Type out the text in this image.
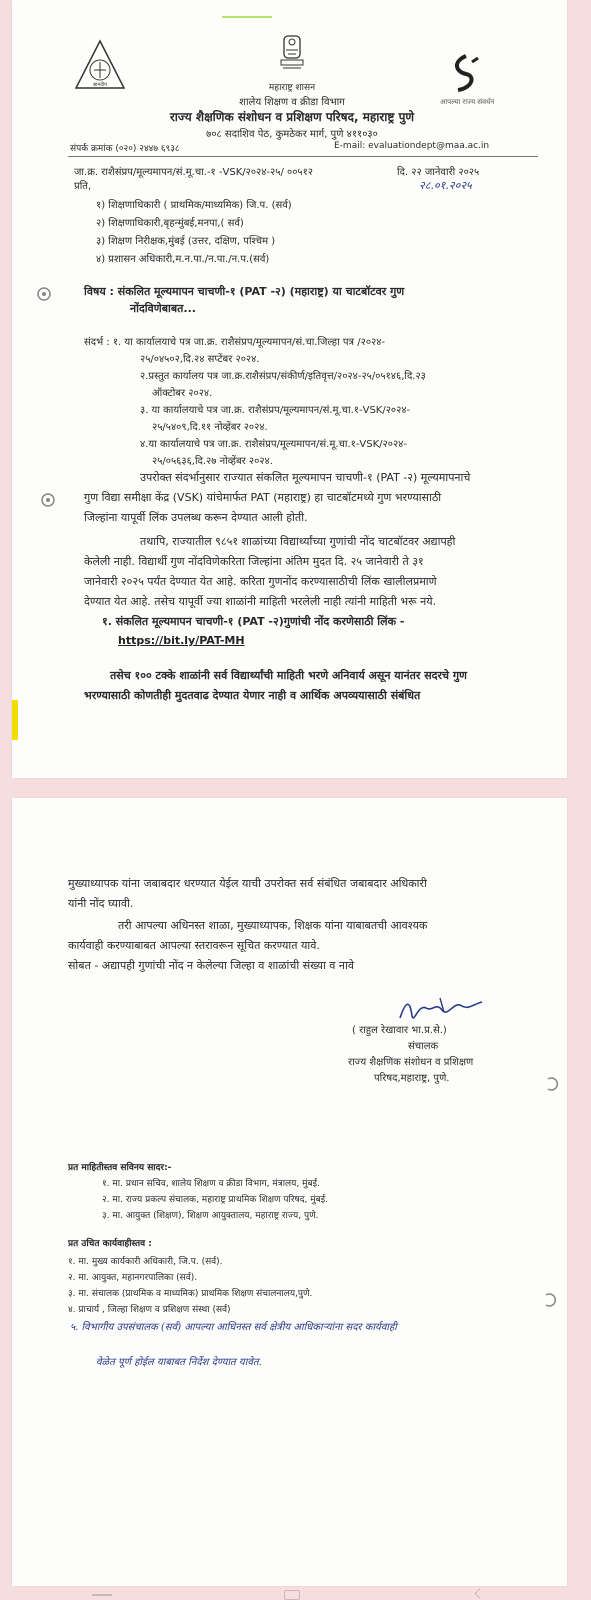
ज्ञानदीप
आपल्या राज्य संवर्धन
महाराष्ट्र शासन
शालेय शिक्षण व क्रीडा विभाग
राज्य शैक्षणिक संशोधन व प्रशिक्षण परिषद, महाराष्ट्र पुणे
७०८ सदाशिव पेठ, कुमठेकर मार्ग, पुणे ४११०३०
संपर्क क्रमांक (०२०) २४४७ ६९३८	E-mail: evaluationdept@maa.ac.in
जा.क्र. राशैसंप्रप/मूल्यमापन/सं.मू.चा.-१ -VSK/२०२४-२५/ ००५१२	दि. २२ जानेवारी २०२५
२८.०१.२०२५
प्रति,
१) शिक्षणाधिकारी ( प्राथमिक/माध्यमिक) जि.प. (सर्व)
२) शिक्षणाधिकारी,बृहन्मुंबई,मनपा,( सर्व)
३) शिक्षण निरीक्षक,मुंबई (उत्तर, दक्षिण, पश्चिम )
४) प्रशासन अधिकारी,म.न.पा./न.पा./न.प.(सर्व)
विषय : संकलित मूल्यमापन चाचणी-१ (PAT -२) (महाराष्ट्र) या चाटबॉटवर गुण
नोंदविणेबाबत...
संदर्भ : १. या कार्यालयाचे पत्र जा.क्र. राशैसंप्रप/मूल्यमापन/सं.चा.जिल्हा पत्र /२०२४-
२५/०४५०२,दि.२४ सप्टेंबर २०२४.
२.प्रस्तुत कार्यालय पत्र जा.क्र.राशैसंप्रप/संकीर्ण/इतिवृत्त/२०२४-२५/०५१४६,दि.२३
ऑक्टोबर २०२४.
३. या कार्यालयाचे पत्र जा.क्र. राशैसंप्रप/मूल्यमापन/सं.मू.चा.१-VSK/२०२४-
२५/५४०९,दि.११ नोव्हेंबर २०२४.
४.या कार्यालयाचे पत्र जा.क्र. राशैसंप्रप/मूल्यमापन/सं.मू.चा.१-VSK/२०२४-
२५/०५६३६,दि.२७ नोव्हेंबर २०२४.
उपरोक्त संदर्भानुसार राज्यात संकलित मूल्यमापन चाचणी-१ (PAT -२) मूल्यमापनाचे
गुण विद्या समीक्षा केंद्र (VSK) यांचेमार्फत PAT (महाराष्ट्र) हा चाटबॉटमध्ये गुण भरण्यासाठी
जिल्हांना यापूर्वी लिंक उपलब्ध करून देण्यात आली होती.
तथापि, राज्यातील ९८५१ शाळांच्या विद्यार्थ्यांच्या गुणांची नोंद चाटबॉटवर अद्यापही
केलेली नाही. विद्यार्थी गुण नोंदविणेकरिता जिल्हांना अंतिम मुदत दि. २५ जानेवारी ते ३१
जानेवारी २०२५ पर्यंत देण्यात येत आहे. करिता गुणनोंद करण्यासाठीची लिंक खालीलप्रमाणे
देण्यात येत आहे. तसेच यापूर्वी ज्या शाळांनी माहिती भरलेली नाही त्यांनी माहिती भरू नये.
१. संकलित मूल्यमापन चाचणी-१ (PAT -२)गुणांची नोंद करणेसाठी लिंक -
https://bit.ly/PAT-MH
तसेच १०० टक्के शाळांनी सर्व विद्यार्थ्यांची माहिती भरणे अनिवार्य असून यानंतर सदरचे गुण
भरण्यासाठी कोणतीही मुदतवाढ देण्यात येणार नाही व आर्थिक अपव्ययासाठी संबंधित
मुख्याध्यापक यांना जबाबदार धरण्यात येईल याची उपरोक्त सर्व संबंधित जबाबदार अधिकारी
यांनी नोंद घ्यावी.
तरी आपल्या अधिनस्त शाळा, मुख्याध्यापक, शिक्षक यांना याबाबतची आवश्यक
कार्यवाही करण्याबाबत आपल्या स्तरावरून सूचित करण्यात यावे.
सोबत - अद्यापही गुणांची नोंद न केलेल्या जिल्हा व शाळांची संख्या व नावे
( राहुल रेखावार भा.प्र.से.)
संचालक
राज्य शैक्षणिक संशोधन व प्रशिक्षण
परिषद,महाराष्ट्र, पुणे.
प्रत माहितीस्तव सविनय सादर:-
१. मा. प्रधान सचिव, शालेय शिक्षण व क्रीडा विभाग, मंत्रालय, मुंबई.
२. मा. राज्य प्रकल्प संचालक, महाराष्ट्र प्राथमिक शिक्षण परिषद, मुंबई.
३. मा. आयुक्त (शिक्षण), शिक्षण आयुक्तालय, महाराष्ट्र राज्य, पुणे.
प्रत उचित कार्यवाहीस्तव :
१. मा. मुख्य कार्यकारी अधिकारी, जि.प. (सर्व).
२. मा. आयुक्त, महानगरपालिका (सर्व).
३. मा. संचालक (प्राथमिक व माध्यमिक) प्राथमिक शिक्षण संचालनालय,पुणे.
४. प्राचार्य , जिल्हा शिक्षण व प्रशिक्षण संस्था (सर्व)
५. विभागीय उपसंचालक (सर्व) आपल्या आधिनस्त सर्व क्षेत्रीय आधिकाऱ्यांना सदर कार्यवाही
वेळेत पूर्ण होईल याबाबत निर्देश देण्यात यावेत.
